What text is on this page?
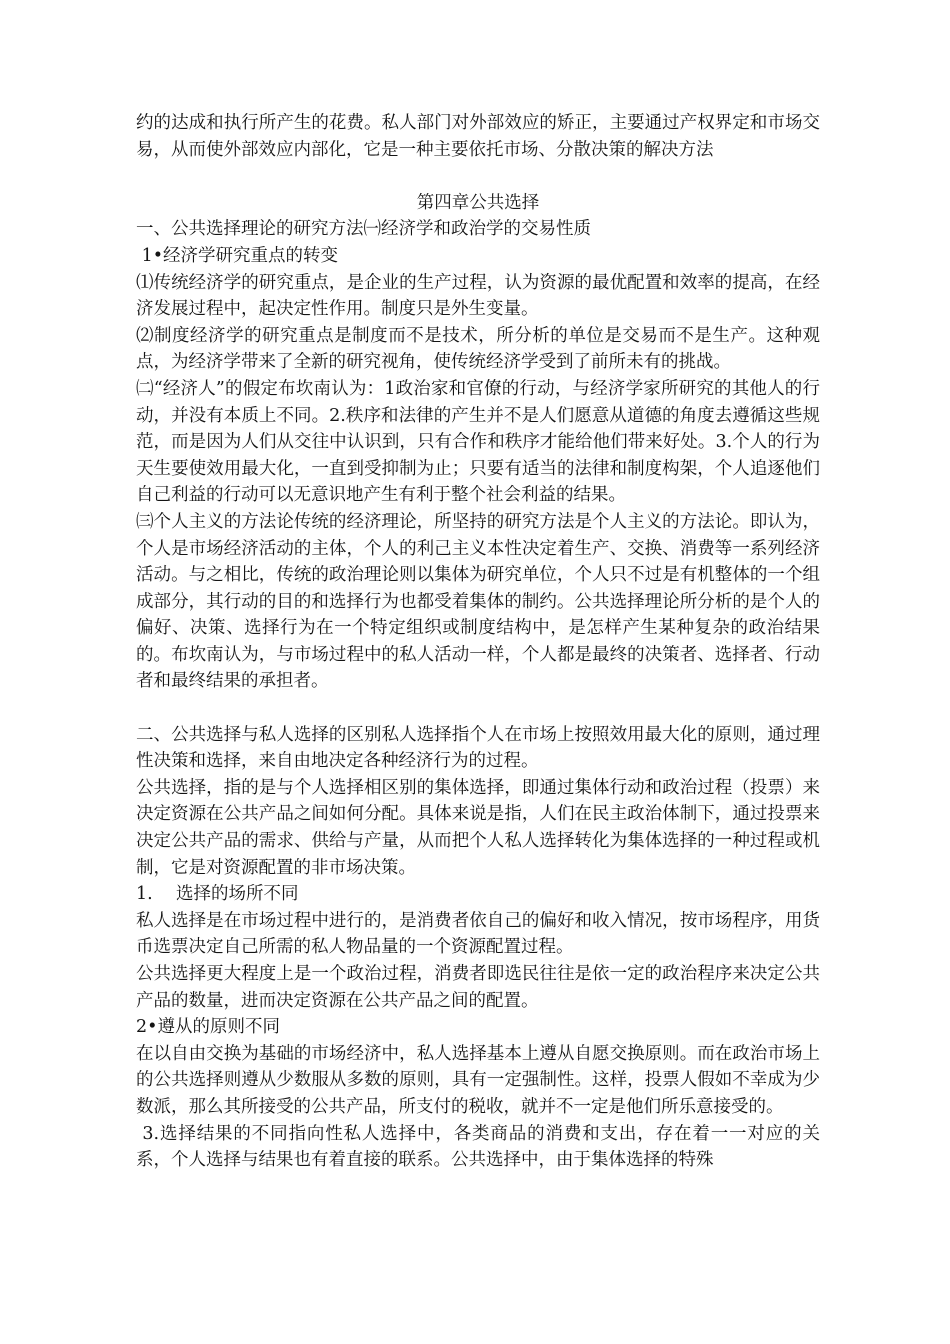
约的达成和执行所产生的花费。私人部门对外部效应的矫正，主要通过产权界定和市场交易，从而使外部效应内部化，它是一种主要依托市场、分散决策的解决方法

第四章公共选择

一、公共选择理论的研究方法㈠经济学和政治学的交易性质

1•经济学研究重点的转变

⑴传统经济学的研究重点，是企业的生产过程，认为资源的最优配置和效率的提高，在经济发展过程中，起决定性作用。制度只是外生变量。

⑵制度经济学的研究重点是制度而不是技术，所分析的单位是交易而不是生产。这种观点，为经济学带来了全新的研究视角，使传统经济学受到了前所未有的挑战。

㈡“经济人”的假定布坎南认为：1政治家和官僚的行动，与经济学家所研究的其他人的行动，并没有本质上不同。2.秩序和法律的产生并不是人们愿意从道德的角度去遵循这些规范，而是因为人们从交往中认识到，只有合作和秩序才能给他们带来好处。3.个人的行为天生要使效用最大化，一直到受抑制为止；只要有适当的法律和制度构架，个人追逐他们自己利益的行动可以无意识地产生有利于整个社会利益的结果。

㈢个人主义的方法论传统的经济理论，所坚持的研究方法是个人主义的方法论。即认为，个人是市场经济活动的主体，个人的利己主义本性决定着生产、交换、消费等一系列经济活动。与之相比，传统的政治理论则以集体为研究单位，个人只不过是有机整体的一个组成部分，其行动的目的和选择行为也都受着集体的制约。公共选择理论所分析的是个人的偏好、决策、选择行为在一个特定组织或制度结构中，是怎样产生某种复杂的政治结果的。布坎南认为，与市场过程中的私人活动一样，个人都是最终的决策者、选择者、行动者和最终结果的承担者。

二、公共选择与私人选择的区别私人选择指个人在市场上按照效用最大化的原则，通过理性决策和选择，来自由地决定各种经济行为的过程。

公共选择，指的是与个人选择相区别的集体选择，即通过集体行动和政治过程（投票）来决定资源在公共产品之间如何分配。具体来说是指，人们在民主政治体制下，通过投票来决定公共产品的需求、供给与产量，从而把个人私人选择转化为集体选择的一种过程或机制，它是对资源配置的非市场决策。

1.	选择的场所不同

私人选择是在市场过程中进行的，是消费者依自己的偏好和收入情况，按市场程序，用货币选票决定自己所需的私人物品量的一个资源配置过程。

公共选择更大程度上是一个政治过程，消费者即选民往往是依一定的政治程序来决定公共产品的数量，进而决定资源在公共产品之间的配置。

2•遵从的原则不同

在以自由交换为基础的市场经济中，私人选择基本上遵从自愿交换原则。而在政治市场上的公共选择则遵从少数服从多数的原则，具有一定强制性。这样，投票人假如不幸成为少数派，那么其所接受的公共产品，所支付的税收，就并不一定是他们所乐意接受的。

3.选择结果的不同指向性私人选择中，各类商品的消费和支出，存在着一一对应的关系，个人选择与结果也有着直接的联系。公共选择中，由于集体选择的特殊
